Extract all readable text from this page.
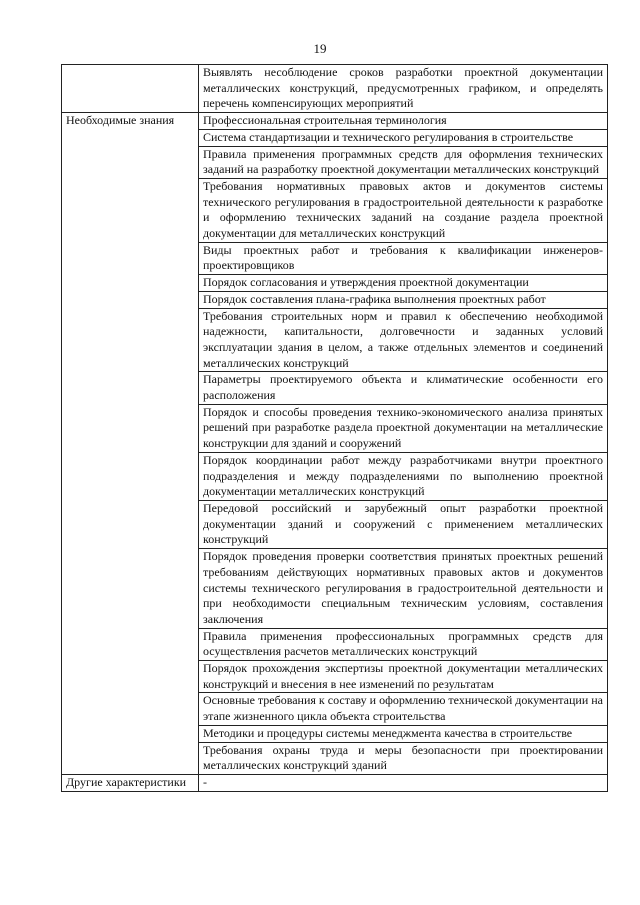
19
	Выявлять несоблюдение сроков разработки проектной документации металлических конструкций, предусмотренных графиком, и определять перечень компенсирующих мероприятий
Необходимые знания	Профессиональная строительная терминология
	Система стандартизации и технического регулирования в строительстве
	Правила применения программных средств для оформления технических заданий на разработку проектной документации металлических конструкций
	Требования нормативных правовых актов и документов системы технического регулирования в градостроительной деятельности к разработке и оформлению технических заданий на создание раздела проектной документации для металлических конструкций
	Виды проектных работ и требования к квалификации инженеров-проектировщиков
	Порядок согласования и утверждения проектной документации
	Порядок составления плана-графика выполнения проектных работ
	Требования строительных норм и правил к обеспечению необходимой надежности, капитальности, долговечности и заданных условий эксплуатации здания в целом, а также отдельных элементов и соединений металлических конструкций
	Параметры проектируемого объекта и климатические особенности его расположения
	Порядок и способы проведения технико-экономического анализа принятых решений при разработке раздела проектной документации на металлические конструкции для зданий и сооружений
	Порядок координации работ между разработчиками внутри проектного подразделения и между подразделениями по выполнению проектной документации металлических конструкций
	Передовой российский и зарубежный опыт разработки проектной документации зданий и сооружений с применением металлических конструкций
	Порядок проведения проверки соответствия принятых проектных решений требованиям действующих нормативных правовых актов и документов системы технического регулирования в градостроительной деятельности и при необходимости специальным техническим условиям, составления заключения
	Правила применения профессиональных программных средств для осуществления расчетов металлических конструкций
	Порядок прохождения экспертизы проектной документации металлических конструкций и внесения в нее изменений по результатам
	Основные требования к составу и оформлению технической документации на этапе жизненного цикла объекта строительства
	Методики и процедуры системы менеджмента качества в строительстве
	Требования охраны труда и меры безопасности при проектировании металлических конструкций зданий
Другие характеристики	-
